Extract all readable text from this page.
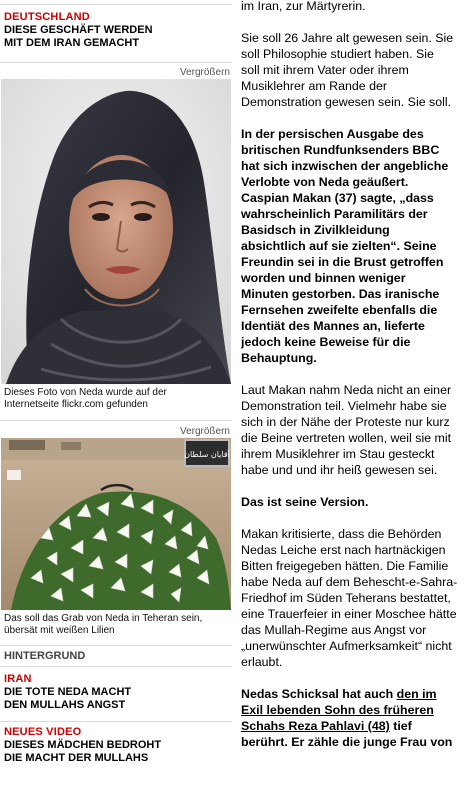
DEUTSCHLAND
DIESE GESCHÄFT WERDEN
MIT DEM IRAN GEMACHT
Vergrößern
Dieses Foto von Neda wurde auf der
Internetseite flickr.com gefunden
Vergrößern
آقایان سلطان
Das soll das Grab von Neda in Teheran sein,
übersät mit weißen Lilien
HINTERGRUND
IRAN
DIE TOTE NEDA MACHT
DEN MULLAHS ANGST
NEUES VIDEO
DIESES MÄDCHEN BEDROHT
DIE MACHT DER MULLAHS

im Iran, zur Märtyrerin.

Sie soll 26 Jahre alt gewesen sein. Sie
soll Philosophie studiert haben. Sie
soll mit ihrem Vater oder ihrem
Musiklehrer am Rande der
Demonstration gewesen sein. Sie soll.

In der persischen Ausgabe des
britischen Rundfunksenders BBC
hat sich inzwischen der angebliche
Verlobte von Neda geäußert.
Caspian Makan (37) sagte, „dass
wahrscheinlich Paramilitärs der
Basidsch in Zivilkleidung
absichtlich auf sie zielten“. Seine
Freundin sei in die Brust getroffen
worden und binnen weniger
Minuten gestorben. Das iranische
Fernsehen zweifelte ebenfalls die
Identiät des Mannes an, lieferte
jedoch keine Beweise für die
Behauptung.

Laut Makan nahm Neda nicht an einer
Demonstration teil. Vielmehr habe sie
sich in der Nähe der Proteste nur kurz
die Beine vertreten wollen, weil sie mit
ihrem Musiklehrer im Stau gesteckt
habe und und ihr heiß gewesen sei.

Das ist seine Version.

Makan kritisierte, dass die Behörden
Nedas Leiche erst nach hartnäckigen
Bitten freigegeben hätten. Die Familie
habe Neda auf dem Behescht-e-Sahra-
Friedhof im Süden Teherans bestattet,
eine Trauerfeier in einer Moschee hätte
das Mullah-Regime aus Angst vor
„unerwünschter Aufmerksamkeit“ nicht
erlaubt.

Nedas Schicksal hat auch den im
Exil lebenden Sohn des früheren
Schahs Reza Pahlavi (48) tief
berührt. Er zähle die junge Frau von
